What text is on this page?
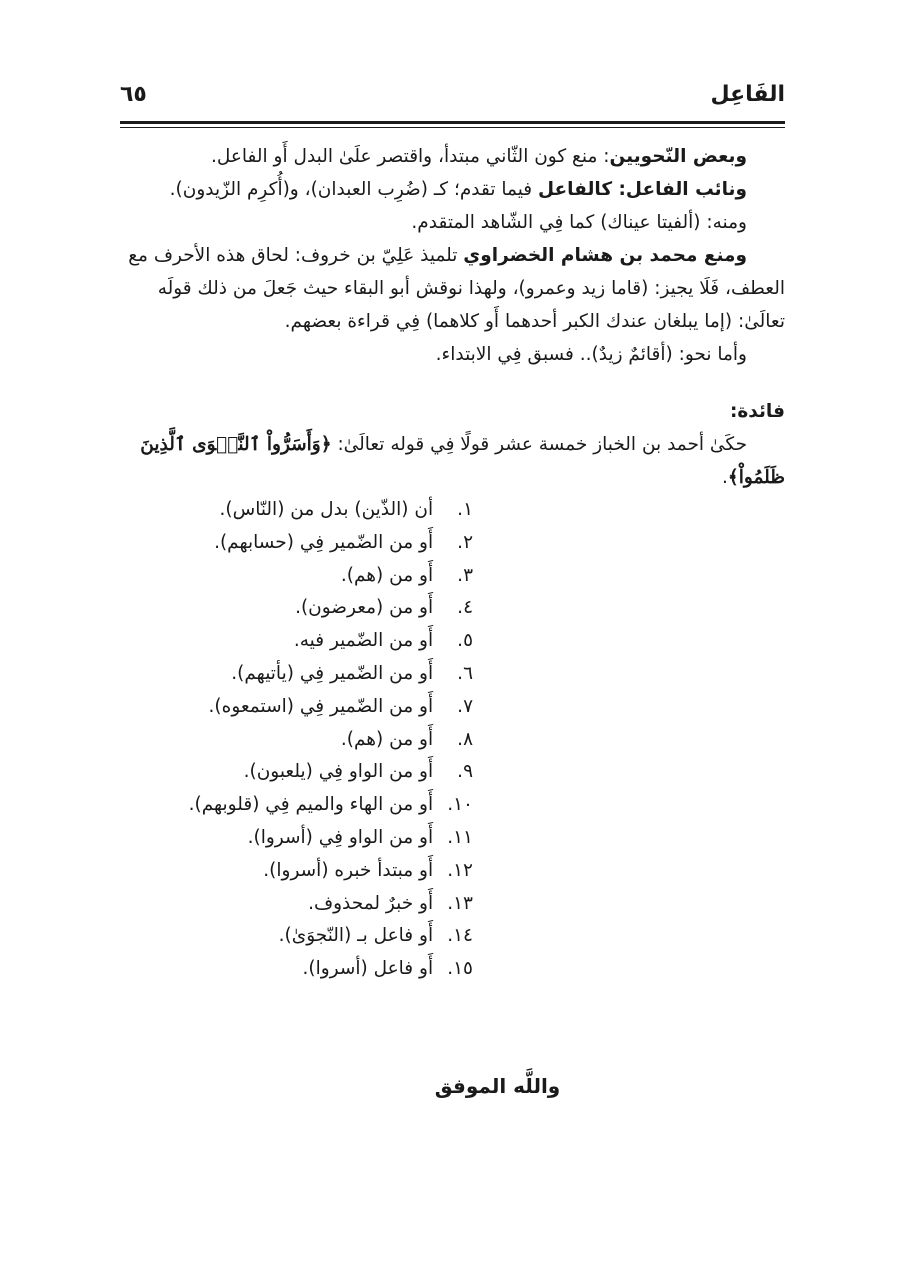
الفَاعِل
٦٥

وبعض النّحويين: منع كون الثّاني مبتدأ، واقتصر علَىٰ البدل أَو الفاعل.

ونائب الفاعل: كالفاعل فيما تقدم؛ كـ (ضُرِب العبدان)، و(أُكرِم الزّيدون).

ومنه: (ألفيتا عيناك) كما فِي الشّاهد المتقدم.

ومنع محمد بن هشام الخضراوي تلميذ عَلِيّ بن خروف: لحاق هذه الأحرف مع العطف، فَلَا يجيز: (قاما زيد وعمرو)، ولهذا نوقش أبو البقاء حيث جَعلَ من ذلك قولَه تعالَىٰ: (إما يبلغان عندك الكبر أحدهما أَو كلاهما) فِي قراءة بعضهم.

وأما نحو: (أقائمٌ زيدٌ).. فسبق فِي الابتداء.

فائدة:

حكَىٰ أحمد بن الخباز خمسة عشر قولًا فِي قوله تعالَىٰ: ﴿وَأَسَرُّواْ ٱلنَّجۡوَى ٱلَّذِينَ ظَلَمُواْ﴾.

١. أن (الذّين) بدل من (النّاس).
٢. أَو من الضّمير فِي (حسابهم).
٣. أَو من (هم).
٤. أَو من (معرضون).
٥. أَو من الضّمير فيه.
٦. أَو من الضّمير فِي (يأتيهم).
٧. أَو من الضّمير فِي (استمعوه).
٨. أَو من (هم).
٩. أَو من الواو فِي (يلعبون).
١٠. أَو من الهاء والميم فِي (قلوبهم).
١١. أَو من الواو فِي (أسروا).
١٢. أَو مبتدأ خبره (أسروا).
١٣. أَو خبرٌ لمحذوف.
١٤. أَو فاعل بـ (النّجوَىٰ).
١٥. أَو فاعل (أسروا).
واللَّه الموفق
